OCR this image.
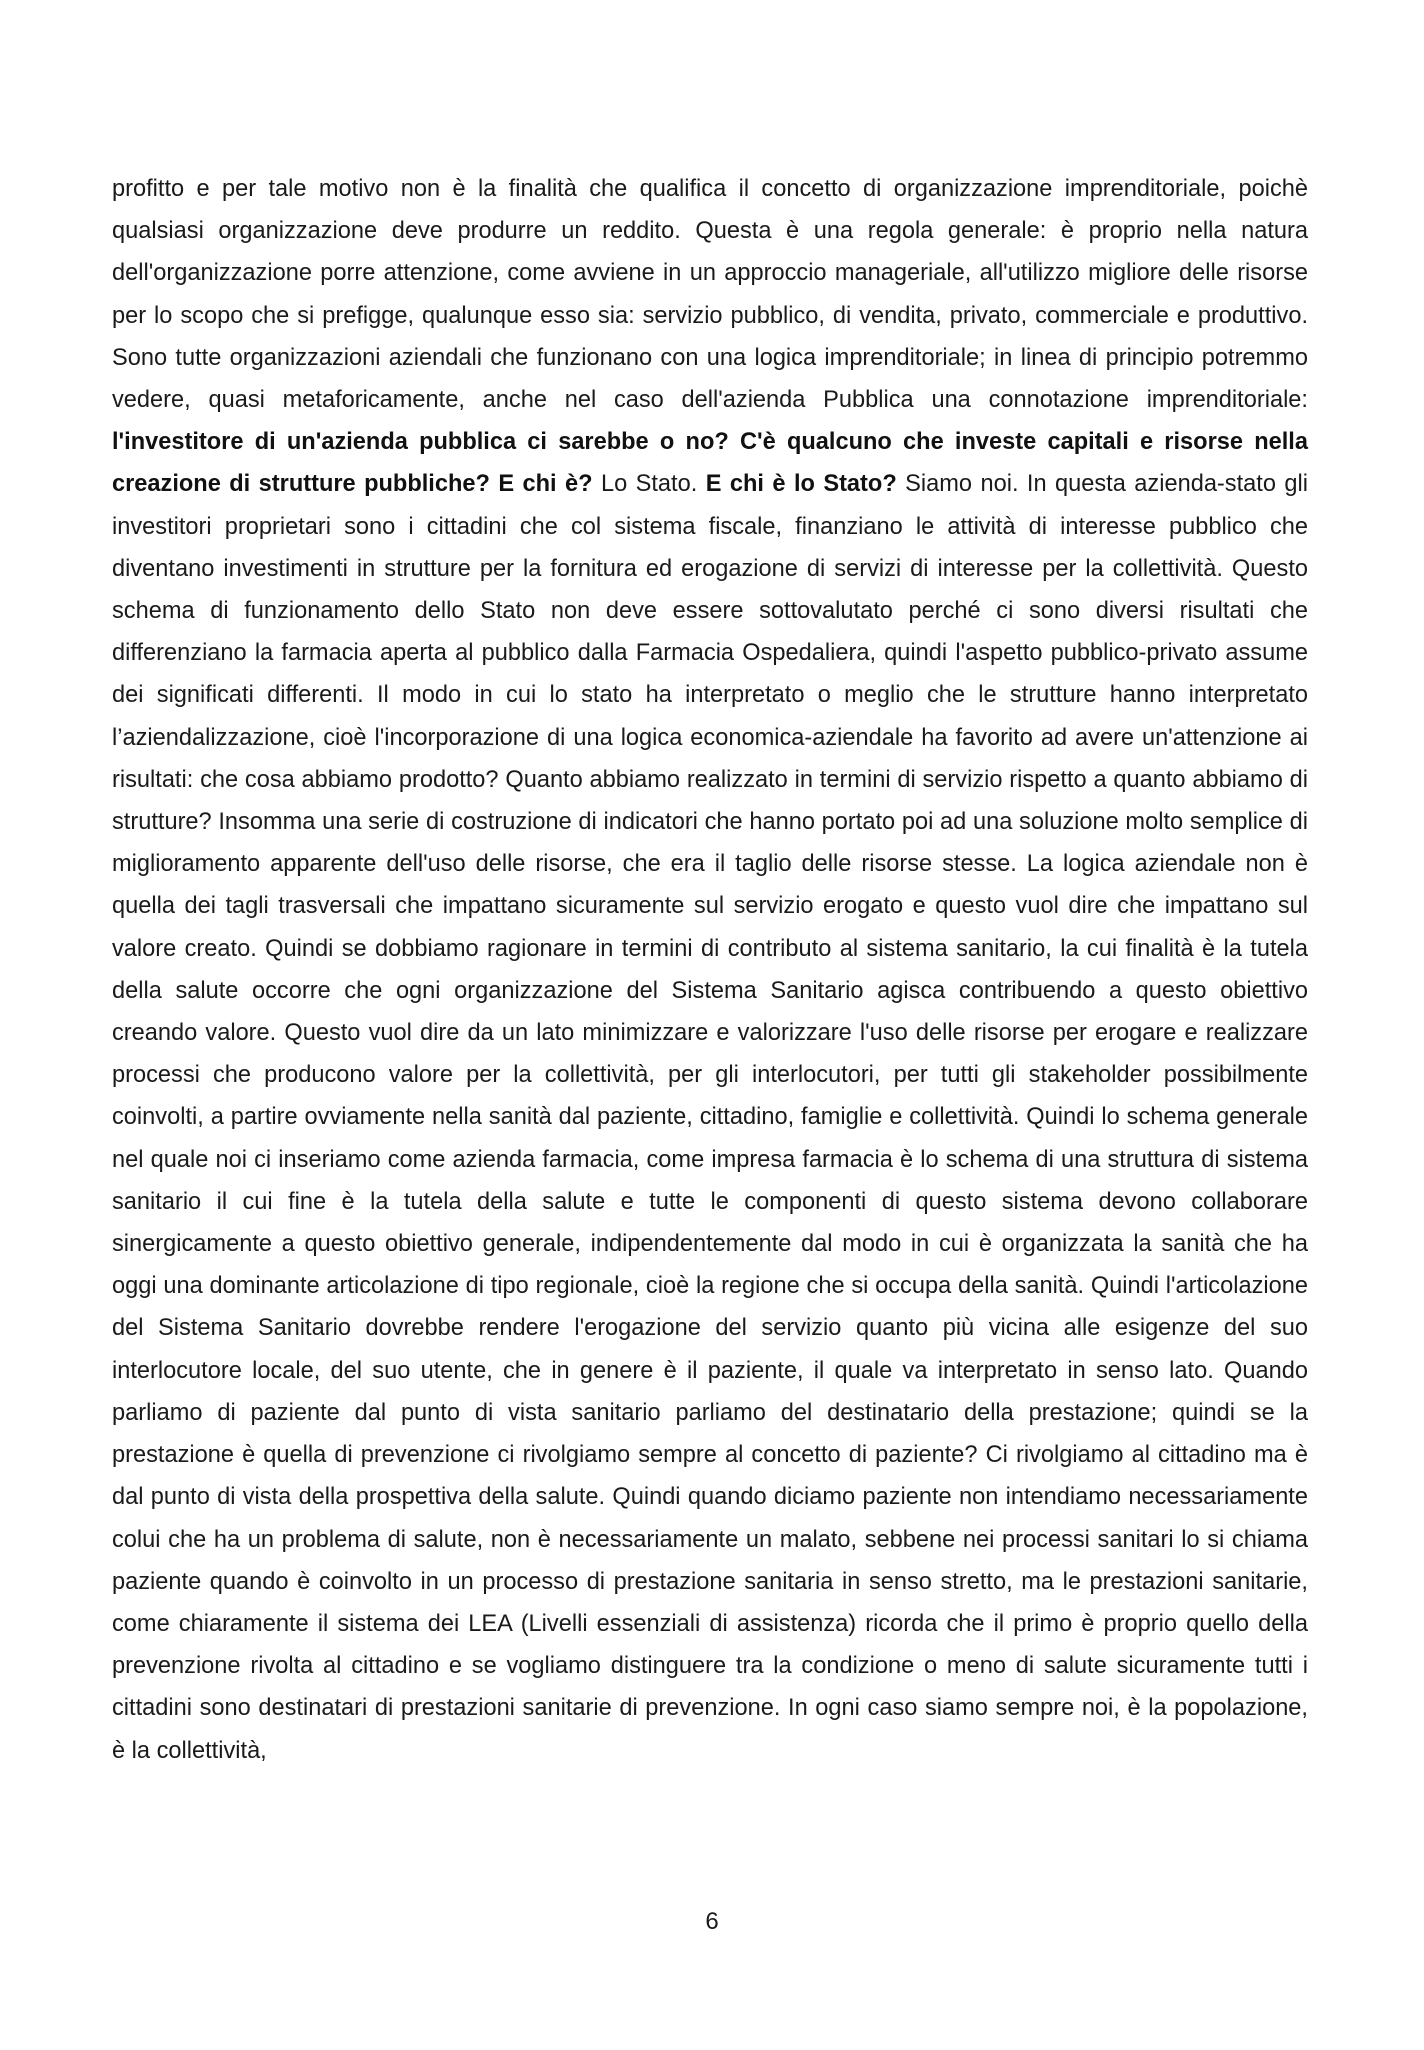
profitto e per tale motivo non è la finalità che qualifica il concetto di organizzazione imprenditoriale, poichè qualsiasi organizzazione deve produrre un reddito. Questa è una regola generale: è proprio nella natura dell'organizzazione porre attenzione, come avviene in un approccio manageriale, all'utilizzo migliore delle risorse per lo scopo che si prefigge, qualunque esso sia: servizio pubblico, di vendita, privato, commerciale e produttivo. Sono tutte organizzazioni aziendali che funzionano con una logica imprenditoriale; in linea di principio potremmo vedere, quasi metaforicamente, anche nel caso dell'azienda Pubblica una connotazione imprenditoriale: l'investitore di un'azienda pubblica ci sarebbe o no? C'è qualcuno che investe capitali e risorse nella creazione di strutture pubbliche? E chi è? Lo Stato. E chi è lo Stato? Siamo noi. In questa azienda-stato gli investitori proprietari sono i cittadini che col sistema fiscale, finanziano le attività di interesse pubblico che diventano investimenti in strutture per la fornitura ed erogazione di servizi di interesse per la collettività. Questo schema di funzionamento dello Stato non deve essere sottovalutato perché ci sono diversi risultati che differenziano la farmacia aperta al pubblico dalla Farmacia Ospedaliera, quindi l'aspetto pubblico-privato assume dei significati differenti. Il modo in cui lo stato ha interpretato o meglio che le strutture hanno interpretato l’aziendalizzazione, cioè l'incorporazione di una logica economica-aziendale ha favorito ad avere un'attenzione ai risultati: che cosa abbiamo prodotto? Quanto abbiamo realizzato in termini di servizio rispetto a quanto abbiamo di strutture? Insomma una serie di costruzione di indicatori che hanno portato poi ad una soluzione molto semplice di miglioramento apparente dell'uso delle risorse, che era il taglio delle risorse stesse. La logica aziendale non è quella dei tagli trasversali che impattano sicuramente sul servizio erogato e questo vuol dire che impattano sul valore creato. Quindi se dobbiamo ragionare in termini di contributo al sistema sanitario, la cui finalità è la tutela della salute occorre che ogni organizzazione del Sistema Sanitario agisca contribuendo a questo obiettivo creando valore. Questo vuol dire da un lato minimizzare e valorizzare l'uso delle risorse per erogare e realizzare processi che producono valore per la collettività, per gli interlocutori, per tutti gli stakeholder possibilmente coinvolti, a partire ovviamente nella sanità dal paziente, cittadino, famiglie e collettività. Quindi lo schema generale nel quale noi ci inseriamo come azienda farmacia, come impresa farmacia è lo schema di una struttura di sistema sanitario il cui fine è la tutela della salute e tutte le componenti di questo sistema devono collaborare sinergicamente a questo obiettivo generale, indipendentemente dal modo in cui è organizzata la sanità che ha oggi una dominante articolazione di tipo regionale, cioè la regione che si occupa della sanità. Quindi l'articolazione del Sistema Sanitario dovrebbe rendere l'erogazione del servizio quanto più vicina alle esigenze del suo interlocutore locale, del suo utente, che in genere è il paziente, il quale va interpretato in senso lato. Quando parliamo di paziente dal punto di vista sanitario parliamo del destinatario della prestazione; quindi se la prestazione è quella di prevenzione ci rivolgiamo sempre al concetto di paziente? Ci rivolgiamo al cittadino ma è dal punto di vista della prospettiva della salute. Quindi quando diciamo paziente non intendiamo necessariamente colui che ha un problema di salute, non è necessariamente un malato, sebbene nei processi sanitari lo si chiama paziente quando è coinvolto in un processo di prestazione sanitaria in senso stretto, ma le prestazioni sanitarie, come chiaramente il sistema dei LEA (Livelli essenziali di assistenza) ricorda che il primo è proprio quello della prevenzione rivolta al cittadino e se vogliamo distinguere tra la condizione o meno di salute sicuramente tutti i cittadini sono destinatari di prestazioni sanitarie di prevenzione. In ogni caso siamo sempre noi, è la popolazione, è la collettività,

6
